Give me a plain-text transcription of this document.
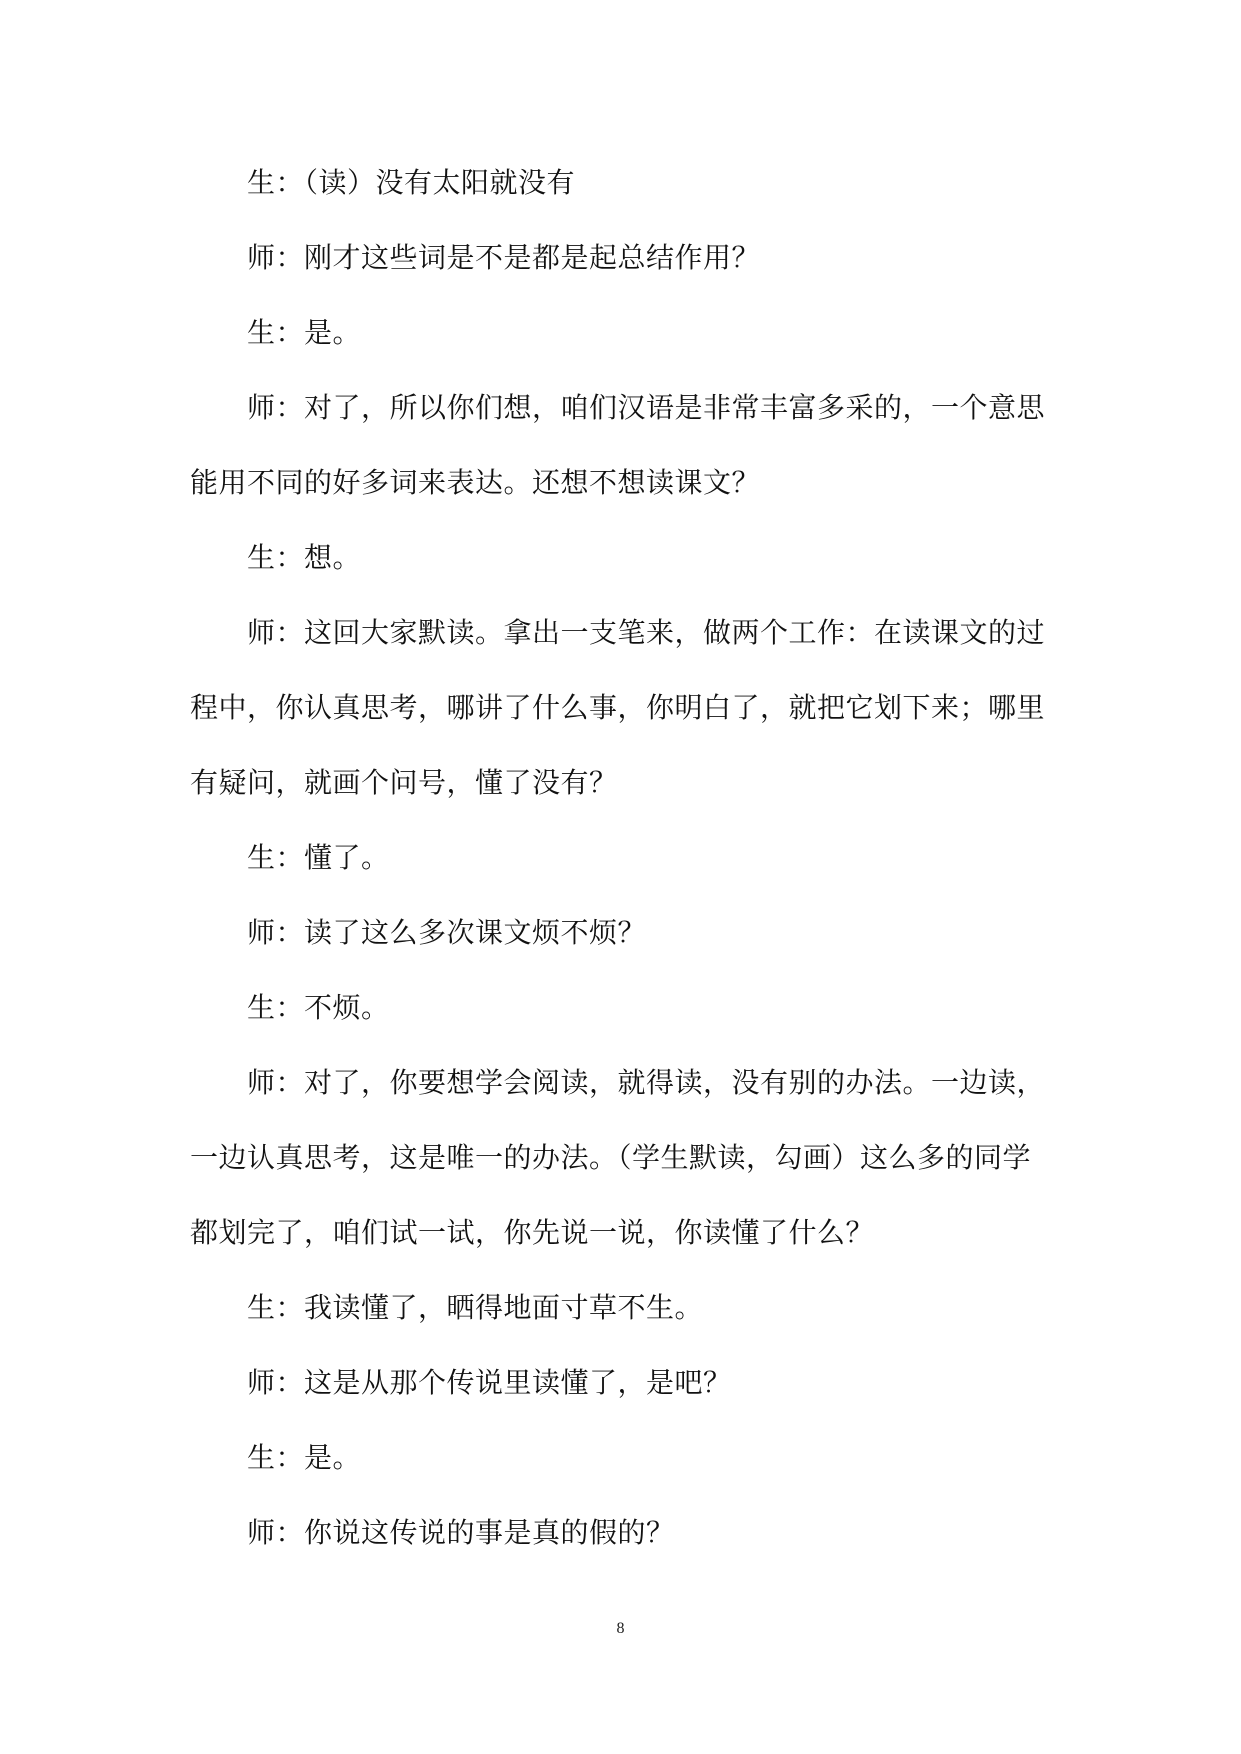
生：（读）没有太阳就没有

师：刚才这些词是不是都是起总结作用？

生：是。

师：对了，所以你们想，咱们汉语是非常丰富多采的，一个意思能用不同的好多词来表达。还想不想读课文？

生：想。

师：这回大家默读。拿出一支笔来，做两个工作：在读课文的过程中，你认真思考，哪讲了什么事，你明白了，就把它划下来；哪里有疑问，就画个问号，懂了没有？

生：懂了。

师：读了这么多次课文烦不烦？

生：不烦。

师：对了，你要想学会阅读，就得读，没有别的办法。一边读，一边认真思考，这是唯一的办法。（学生默读，勾画）这么多的同学都划完了，咱们试一试，你先说一说，你读懂了什么？

生：我读懂了，晒得地面寸草不生。

师：这是从那个传说里读懂了，是吧？

生：是。

师：你说这传说的事是真的假的？

8
